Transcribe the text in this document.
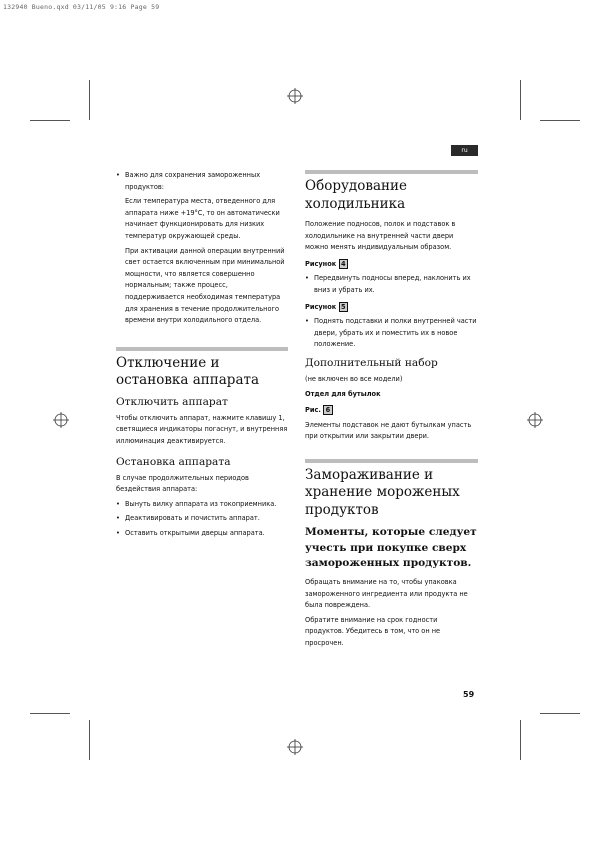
132940 Bueno.qxd 03/11/05 9:16 Page 59
ru
• Важно для сохранения замороженных продуктов:
Если температура места, отведенного для аппарата ниже +19°C, то он автоматически начинает функционировать для низких температур окружающей среды.
При активации данной операции внутренний свет остается включенным при минимальной мощности, что является совершенно нормальным; также процесс, поддерживается необходимая температура для хранения в течение продолжительного времени внутри холодильного отдела.
Отключение и остановка аппарата
Отключить аппарат

Чтобы отключить аппарат, нажмите клавишу 1, светящиеся индикаторы погаснут, и внутренняя иллюминация деактивируется.

Остановка аппарата

В случае продолжительных периодов бездействия аппарата:

• Вынуть вилку аппарата из токоприемника.
• Деактивировать и почистить аппарат.
• Оставить открытыми дверцы аппарата.
Оборудование холодильника

Положение подносов, полок и подставок в холодильнике на внутренней части двери можно менять индивидуальным образом.

Рисунок 4
• Передвинуть подносы вперед, наклонить их вниз и убрать их.
Рисунок 5
• Поднять подставки и полки внутренней части двери, убрать их и поместить их в новое положение.
Дополнительный набор

(не включен во все модели)

Отдел для бутылок
Рис. 6

Элементы подставок не дают бутылкам упасть при открытии или закрытии двери.

Замораживание и хранение мороженых продуктов
Моменты, которые следует учесть при покупке сверх замороженных продуктов.

Обращать внимание на то, чтобы упаковка замороженного ингредиента или продукта не была повреждена.

Обратите внимание на срок годности продуктов. Убедитесь в том, что он не просрочен.

59
